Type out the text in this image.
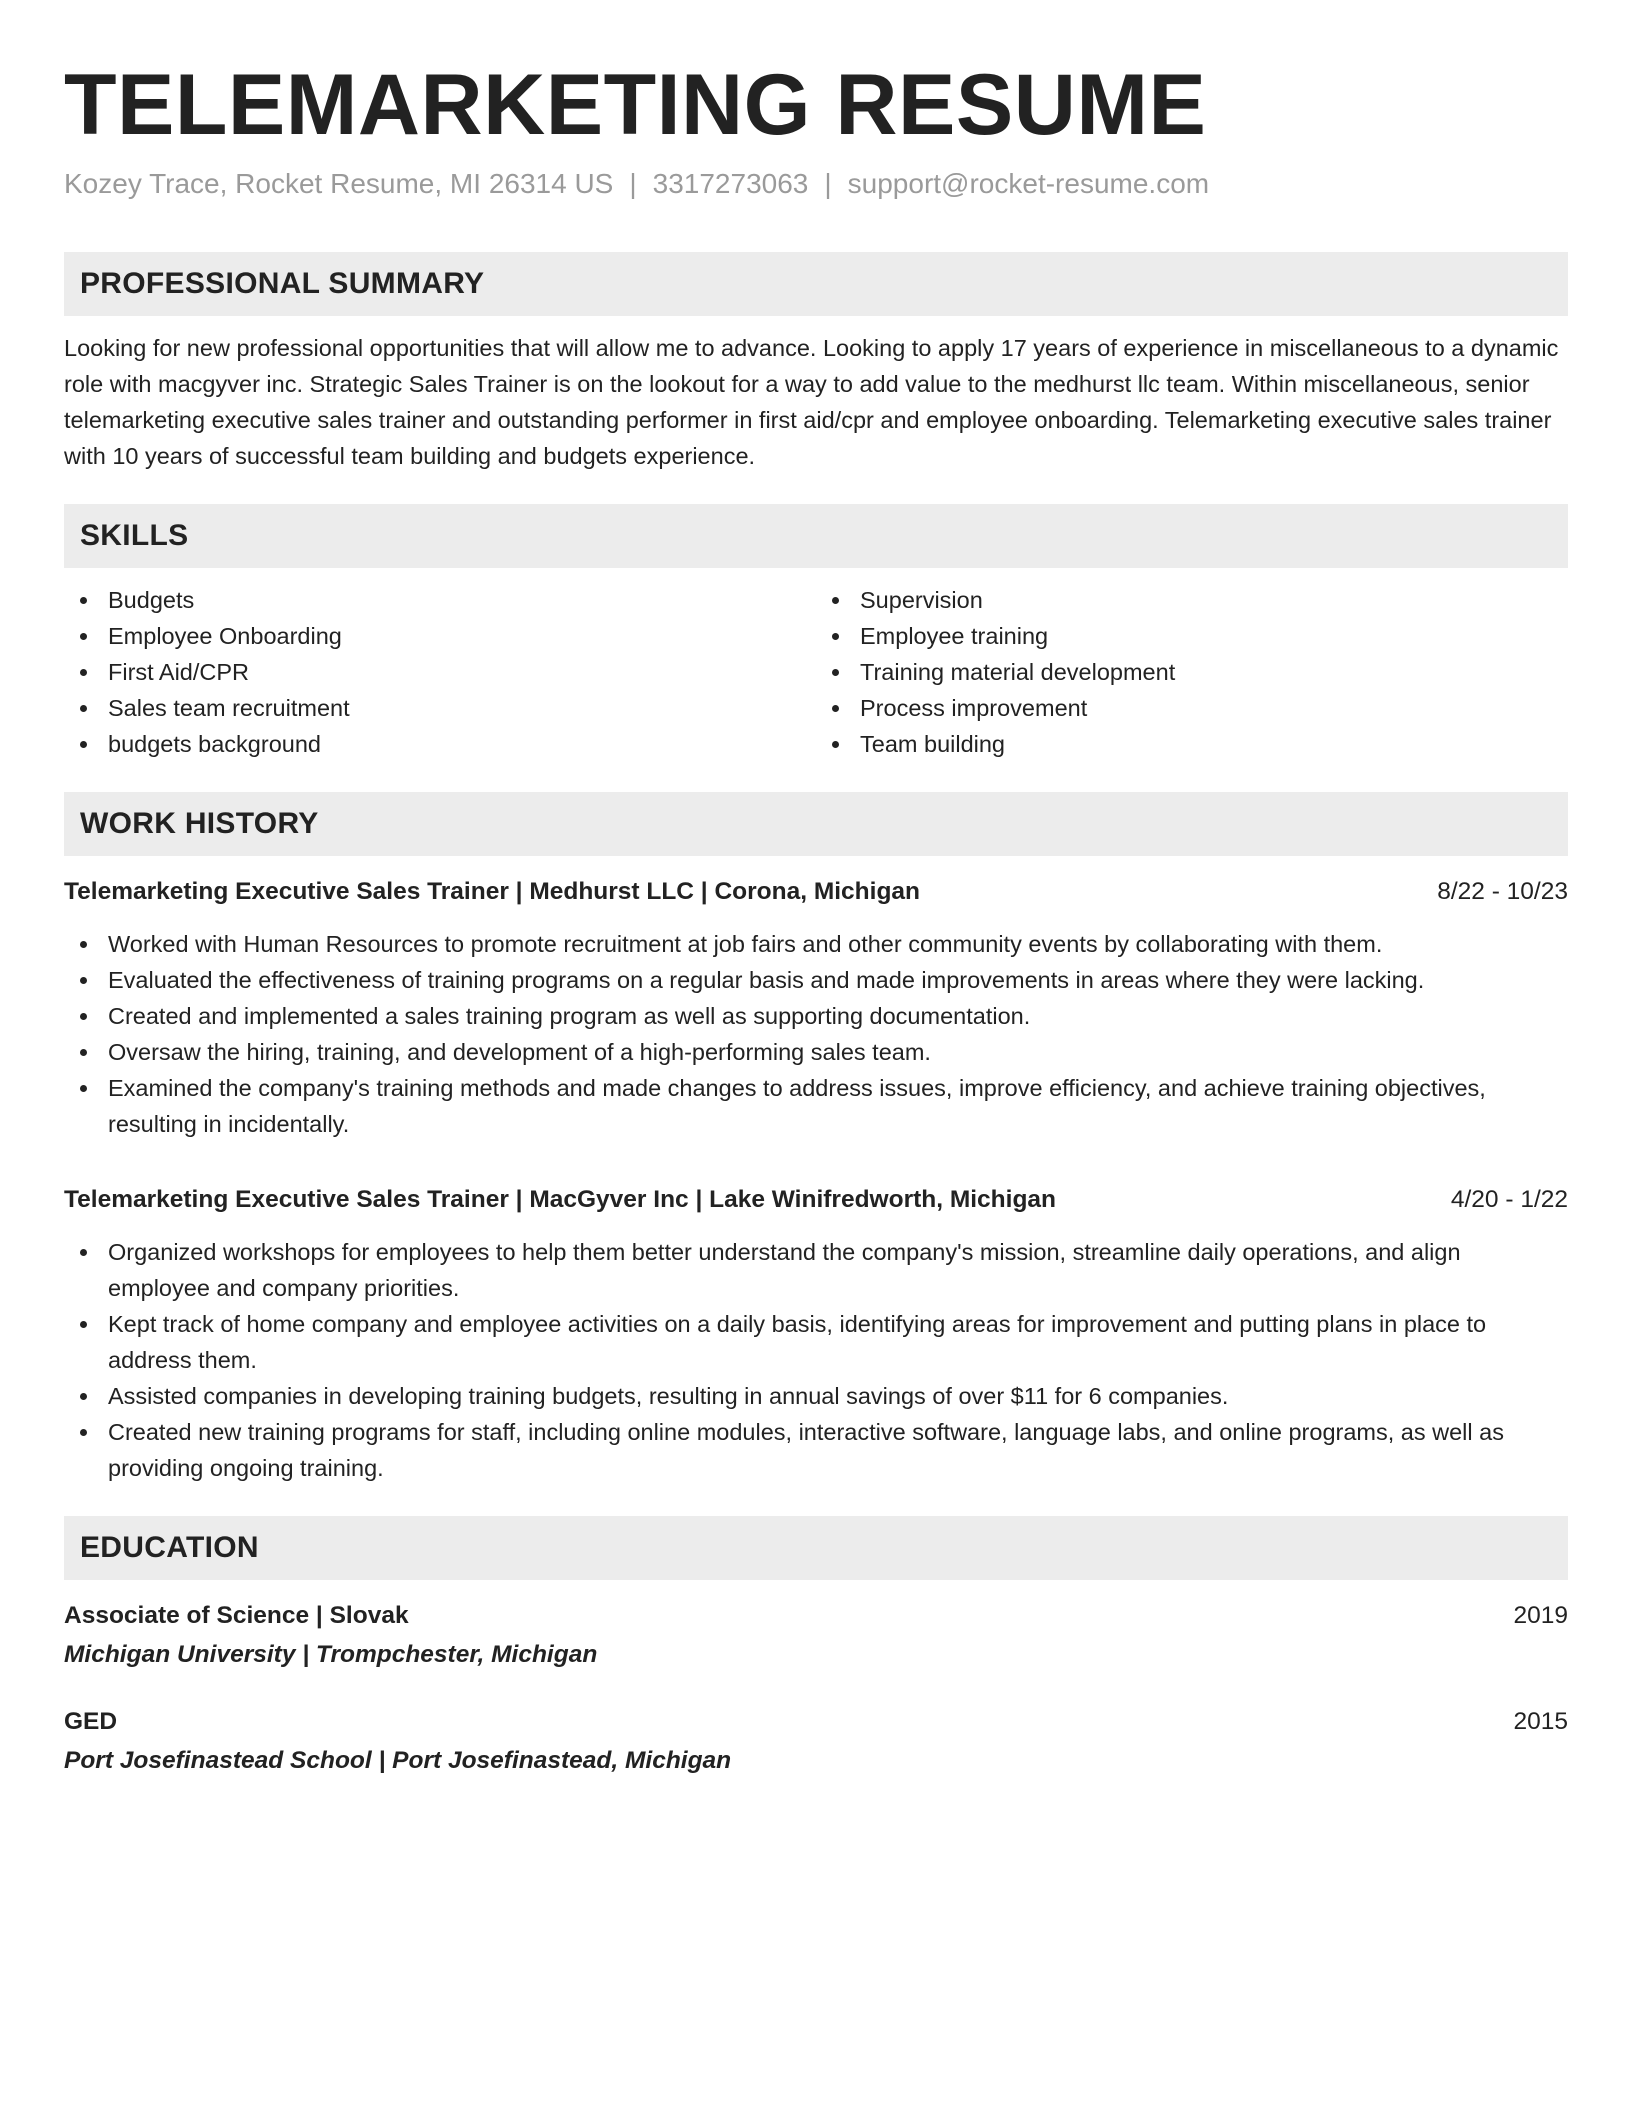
TELEMARKETING RESUME
Kozey Trace, Rocket Resume, MI 26314 US | 3317273063 | support@rocket-resume.com
PROFESSIONAL SUMMARY

Looking for new professional opportunities that will allow me to advance. Looking to apply 17 years of experience in miscellaneous to a dynamic role with macgyver inc. Strategic Sales Trainer is on the lookout for a way to add value to the medhurst llc team. Within miscellaneous, senior telemarketing executive sales trainer and outstanding performer in first aid/cpr and employee onboarding. Telemarketing executive sales trainer with 10 years of successful team building and budgets experience.

SKILLS
Budgets
Employee Onboarding
First Aid/CPR
Sales team recruitment
budgets background
Supervision
Employee training
Training material development
Process improvement
Team building
WORK HISTORY
Telemarketing Executive Sales Trainer | Medhurst LLC | Corona, Michigan	8/22 - 10/23
Worked with Human Resources to promote recruitment at job fairs and other community events by collaborating with them.
Evaluated the effectiveness of training programs on a regular basis and made improvements in areas where they were lacking.
Created and implemented a sales training program as well as supporting documentation.
Oversaw the hiring, training, and development of a high-performing sales team.
Examined the company's training methods and made changes to address issues, improve efficiency, and achieve training objectives, resulting in incidentally.
Telemarketing Executive Sales Trainer | MacGyver Inc | Lake Winifredworth, Michigan	4/20 - 1/22
Organized workshops for employees to help them better understand the company's mission, streamline daily operations, and align employee and company priorities.
Kept track of home company and employee activities on a daily basis, identifying areas for improvement and putting plans in place to address them.
Assisted companies in developing training budgets, resulting in annual savings of over $11 for 6 companies.
Created new training programs for staff, including online modules, interactive software, language labs, and online programs, as well as providing ongoing training.
EDUCATION
Associate of Science | Slovak	2019
Michigan University | Trompchester, Michigan
GED	2015
Port Josefinastead School | Port Josefinastead, Michigan
